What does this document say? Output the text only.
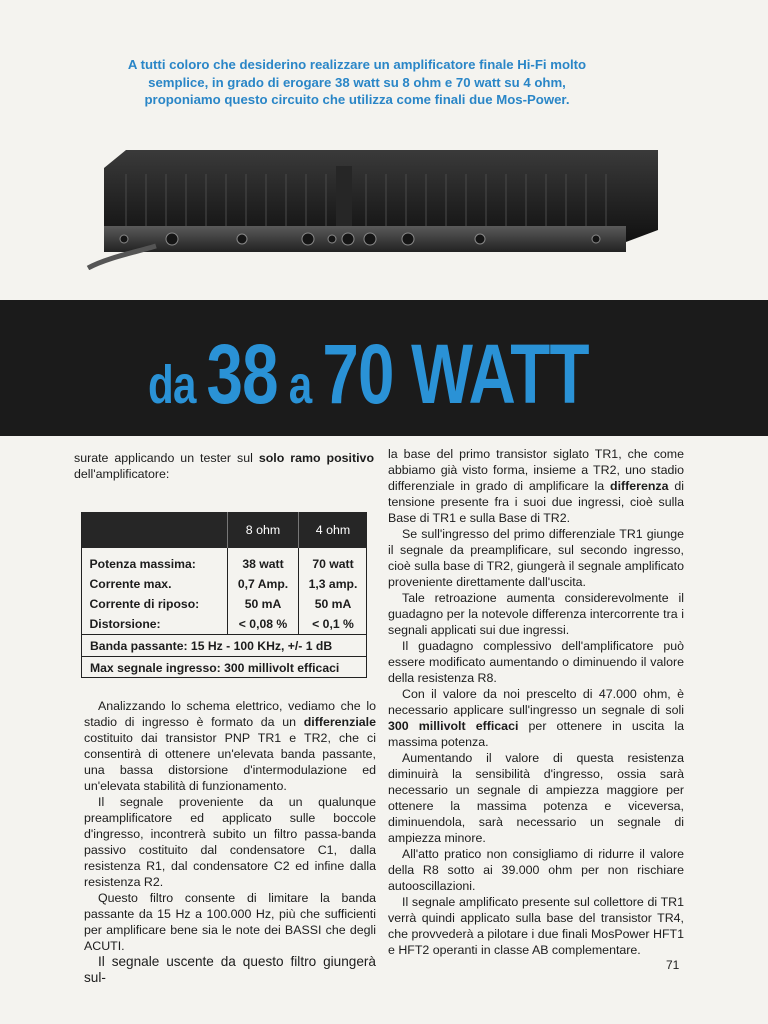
A tutti coloro che desiderino realizzare un amplificatore finale Hi-Fi molto semplice, in grado di erogare 38 watt su 8 ohm e 70 watt su 4 ohm, proponiamo questo circuito che utilizza come finali due Mos-Power.
da 38 a 70 WATT

surate applicando un tester sul solo ramo positivo dell'amplificatore:

	8 ohm	4 ohm
Potenza massima:	38 watt	70 watt
Corrente max.	0,7 Amp.	1,3 amp.
Corrente di riposo:	50 mA	50 mA
Distorsione:	< 0,08 %	< 0,1 %
Banda passante: 15 Hz - 100 KHz, +/- 1 dB		
Max segnale ingresso: 300 millivolt efficaci		

Analizzando lo schema elettrico, vediamo che lo stadio di ingresso è formato da un differenziale costituito dai transistor PNP TR1 e TR2, che ci consentirà di ottenere un'elevata banda passante, una bassa distorsione d'intermodulazione ed un'elevata stabilità di funzionamento.

Il segnale proveniente da un qualunque preamplificatore ed applicato sulle boccole d'ingresso, incontrerà subito un filtro passa-banda passivo costituito dal condensatore C1, dalla resistenza R1, dal condensatore C2 ed infine dalla resistenza R2.

Questo filtro consente di limitare la banda passante da 15 Hz a 100.000 Hz, più che sufficienti per amplificare bene sia le note dei BASSI che degli ACUTI.

Il segnale uscente da questo filtro giungerà sul-

la base del primo transistor siglato TR1, che come abbiamo già visto forma, insieme a TR2, uno stadio differenziale in grado di amplificare la differenza di tensione presente fra i suoi due ingressi, cioè sulla Base di TR1 e sulla Base di TR2.

Se sull'ingresso del primo differenziale TR1 giunge il segnale da preamplificare, sul secondo ingresso, cioè sulla base di TR2, giungerà il segnale amplificato proveniente direttamente dall'uscita.

Tale retroazione aumenta considerevolmente il guadagno per la notevole differenza intercorrente tra i segnali applicati sui due ingressi.

Il guadagno complessivo dell'amplificatore può essere modificato aumentando o diminuendo il valore della resistenza R8.

Con il valore da noi prescelto di 47.000 ohm, è necessario applicare sull'ingresso un segnale di soli 300 millivolt efficaci per ottenere in uscita la massima potenza.

Aumentando il valore di questa resistenza diminuirà la sensibilità d'ingresso, ossia sarà necessario un segnale di ampiezza maggiore per ottenere la massima potenza e viceversa, diminuendola, sarà necessario un segnale di ampiezza minore.

All'atto pratico non consigliamo di ridurre il valore della R8 sotto ai 39.000 ohm per non rischiare autooscillazioni.

Il segnale amplificato presente sul collettore di TR1 verrà quindi applicato sulla base del transistor TR4, che provvederà a pilotare i due finali MosPower HFT1 e HFT2 operanti in classe AB complementare.

71
